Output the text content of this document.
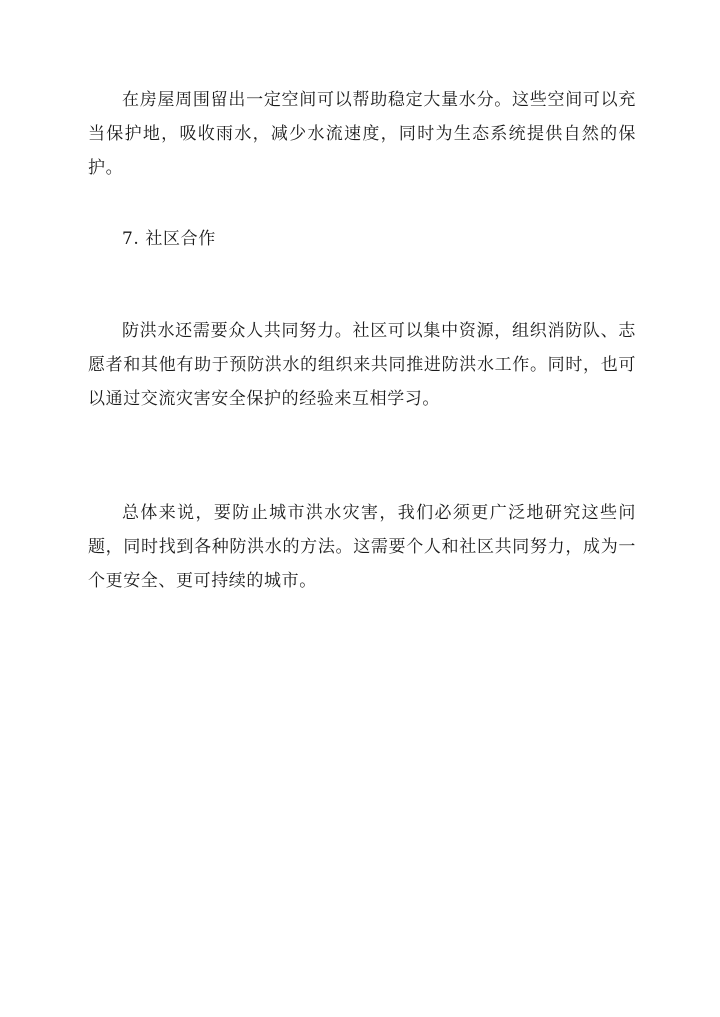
在房屋周围留出一定空间可以帮助稳定大量水分。这些空间可以充当保护地，吸收雨水，减少水流速度，同时为生态系统提供自然的保护。

7. 社区合作

防洪水还需要众人共同努力。社区可以集中资源，组织消防队、志愿者和其他有助于预防洪水的组织来共同推进防洪水工作。同时，也可以通过交流灾害安全保护的经验来互相学习。

总体来说，要防止城市洪水灾害，我们必须更广泛地研究这些问题，同时找到各种防洪水的方法。这需要个人和社区共同努力，成为一个更安全、更可持续的城市。
